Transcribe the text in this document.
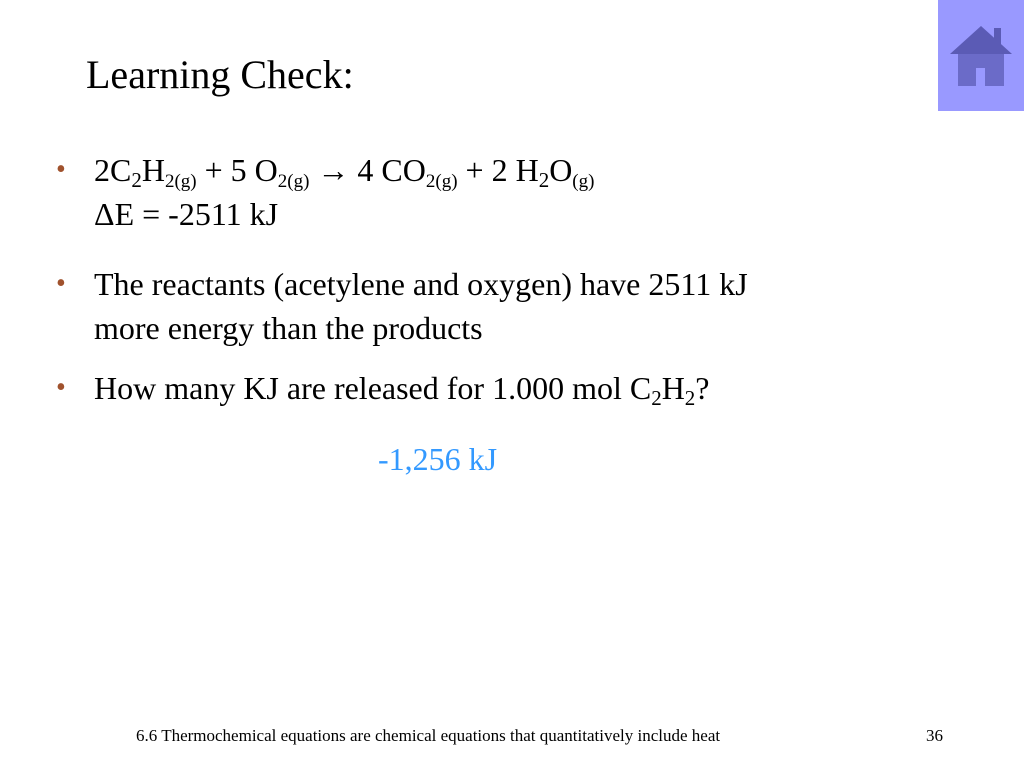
Learning Check:
• 2C2H2(g) + 5 O2(g) → 4 CO2(g) + 2 H2O(g)
ΔE = -2511 kJ
• The reactants (acetylene and oxygen) have 2511 kJ
more energy than the products
• How many KJ are released for 1.000 mol C2H2?
-1,256 kJ
6.6 Thermochemical equations are chemical equations that quantitatively include heat	36
